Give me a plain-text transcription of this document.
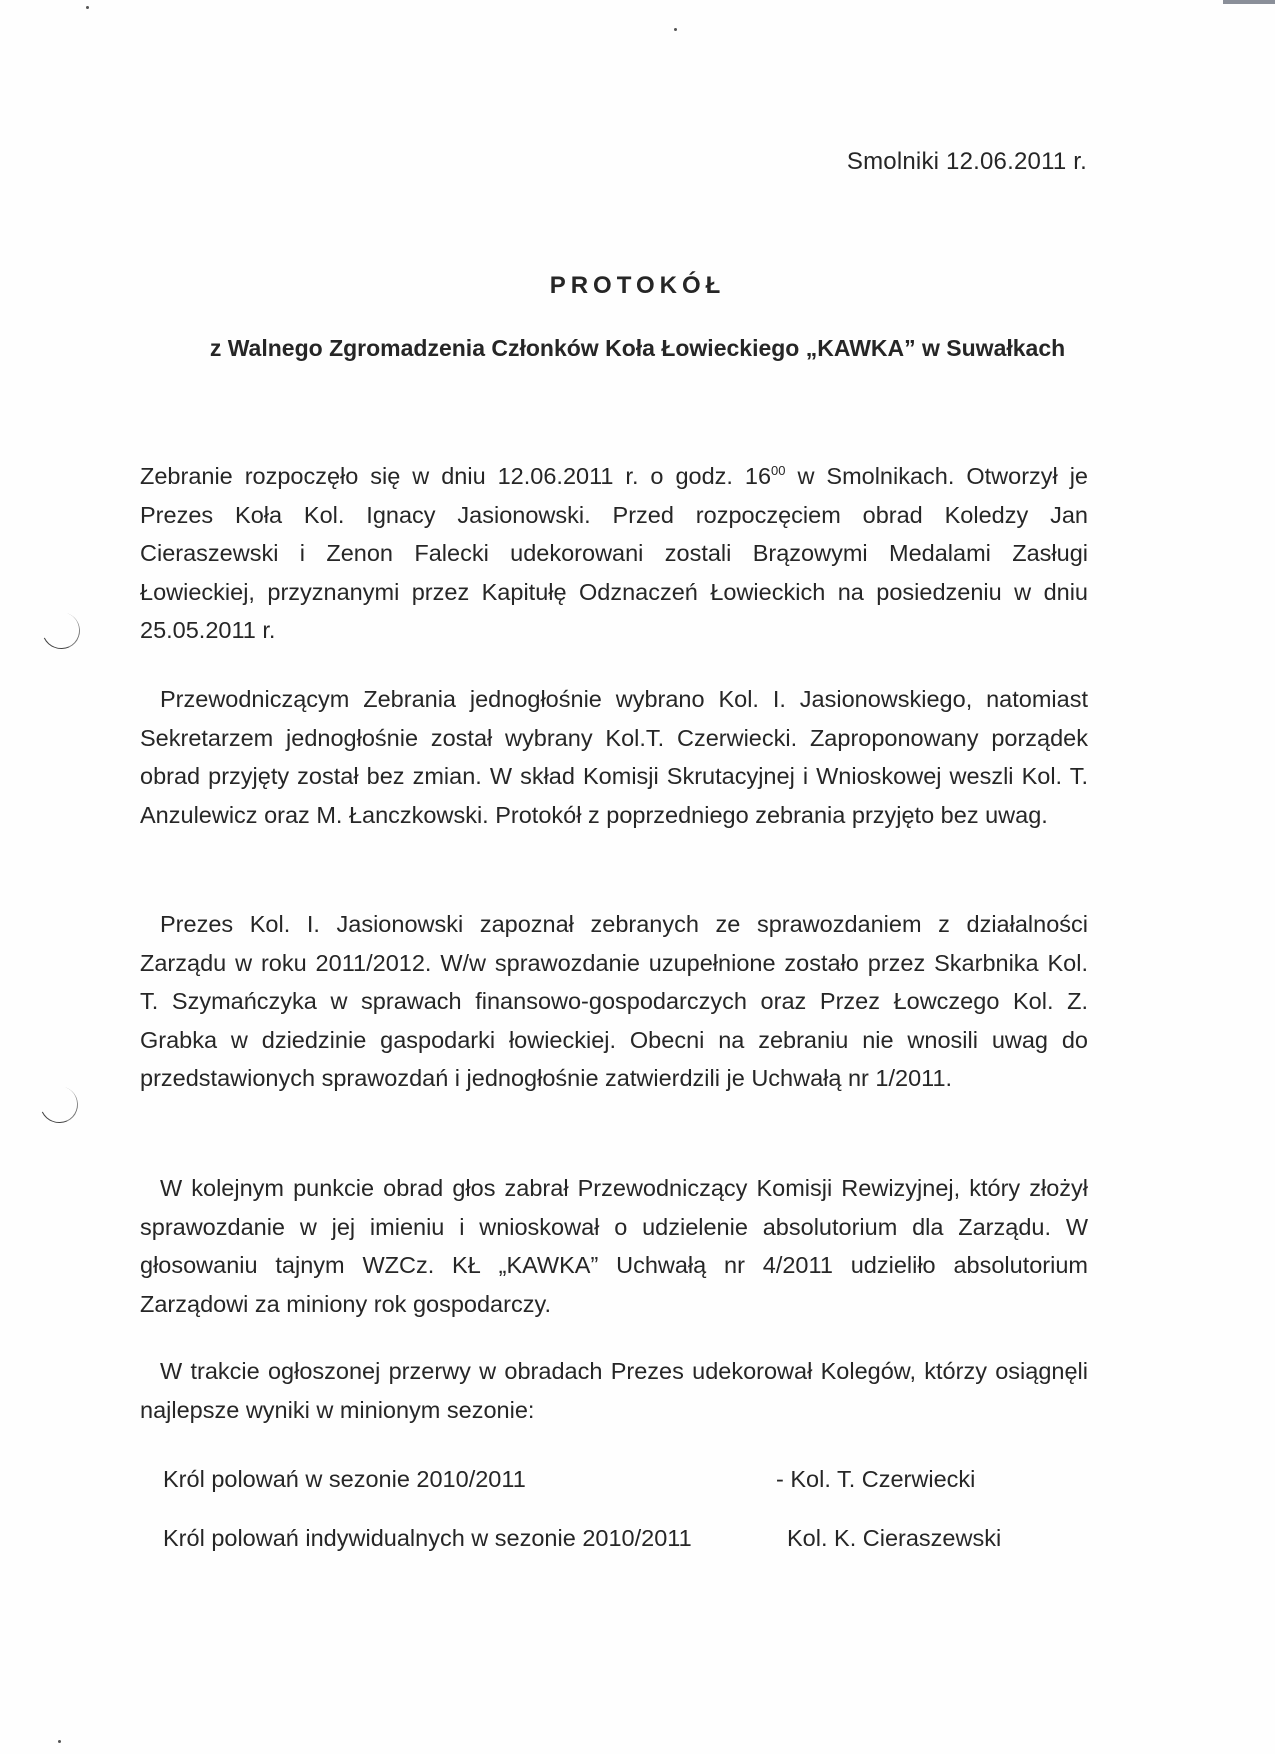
Smolniki 12.06.2011 r.
PROTOKÓŁ
z Walnego Zgromadzenia Członków Koła Łowieckiego „KAWKA” w Suwałkach
Zebranie rozpoczęło się w dniu 12.06.2011 r. o godz. $16^{00}$ w Smolnikach. Otworzył je Prezes Koła Kol. Ignacy Jasionowski. Przed rozpoczęciem obrad Koledzy Jan Cieraszewski i Zenon Falecki udekorowani zostali Brązowymi Medalami Zasługi Łowieckiej, przyznanymi przez Kapitułę Odznaczeń Łowieckich na posiedzeniu w dniu 25.05.2011 r.
Przewodniczącym Zebrania jednogłośnie wybrano Kol. I. Jasionowskiego, natomiast Sekretarzem jednogłośnie został wybrany Kol.T. Czerwiecki. Zaproponowany porządek obrad przyjęty został bez zmian. W skład Komisji Skrutacyjnej i Wnioskowej weszli Kol. T. Anzulewicz oraz M. Łanczkowski. Protokół z poprzedniego zebrania przyjęto bez uwag.
Prezes Kol. I. Jasionowski zapoznał zebranych ze sprawozdaniem z działalności Zarządu w roku 2011/2012. W/w sprawozdanie uzupełnione zostało przez Skarbnika Kol. T. Szymańczyka w sprawach finansowo-gospodarczych oraz Przez Łowczego Kol. Z. Grabka w dziedzinie gaspodarki łowieckiej. Obecni na zebraniu nie wnosili uwag do przedstawionych sprawozdań i jednogłośnie zatwierdzili je Uchwałą nr 1/2011.
W kolejnym punkcie obrad głos zabrał Przewodniczący Komisji Rewizyjnej, który złożył sprawozdanie w jej imieniu i wnioskował o udzielenie absolutorium dla Zarządu. W głosowaniu tajnym WZCz. KŁ „KAWKA” Uchwałą nr 4/2011 udzieliło absolutorium Zarządowi za miniony rok gospodarczy.
W trakcie ogłoszonej przerwy w obradach Prezes udekorował Kolegów, którzy osiągnęli najlepsze wyniki w minionym sezonie:
Król polowań w sezonie 2010/2011	- Kol. T. Czerwiecki
Król polowań indywidualnych w sezonie 2010/2011	Kol. K. Cieraszewski
